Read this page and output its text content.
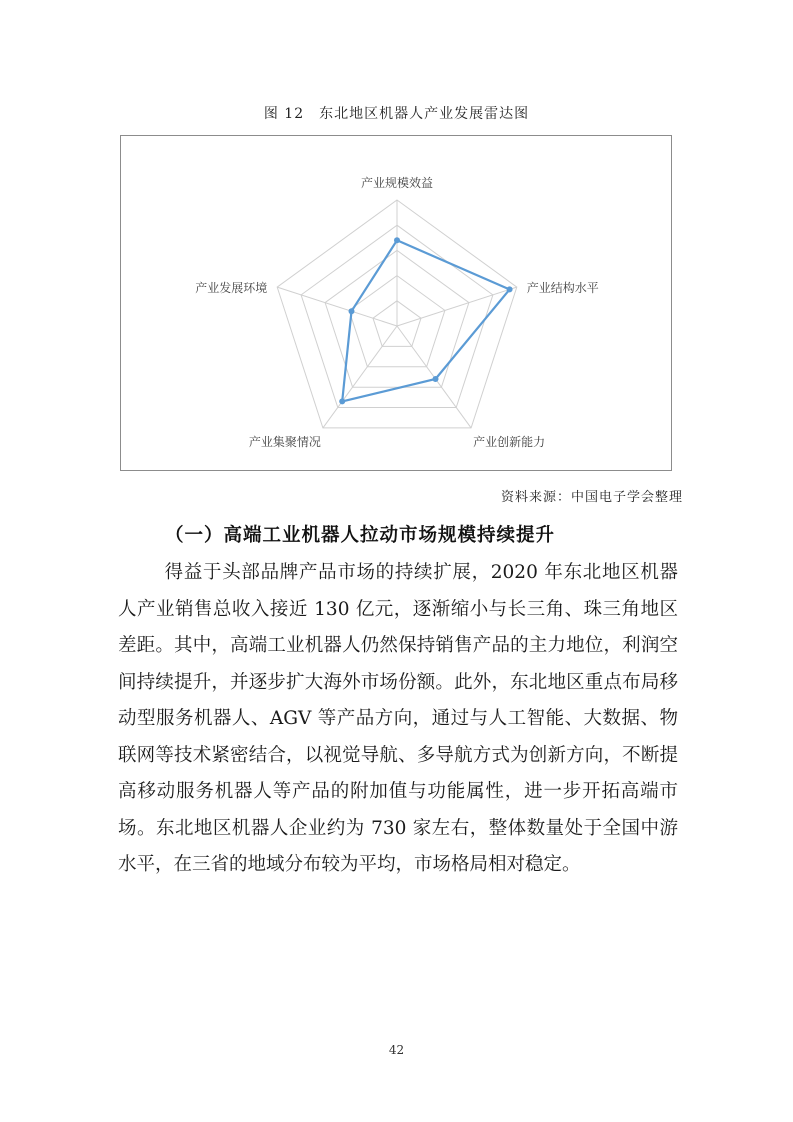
图 12　东北地区机器人产业发展雷达图
产业规模效益
产业结构水平
产业创新能力
产业集聚情况
产业发展环境
资料来源：中国电子学会整理
（一）高端工业机器人拉动市场规模持续提升
得益于头部品牌产品市场的持续扩展，2020 年东北地区机器人产业销售总收入接近 130 亿元，逐渐缩小与长三角、珠三角地区差距。其中，高端工业机器人仍然保持销售产品的主力地位，利润空间持续提升，并逐步扩大海外市场份额。此外，东北地区重点布局移动型服务机器人、AGV 等产品方向，通过与人工智能、大数据、物联网等技术紧密结合，以视觉导航、多导航方式为创新方向，不断提高移动服务机器人等产品的附加值与功能属性，进一步开拓高端市场。东北地区机器人企业约为 730 家左右，整体数量处于全国中游水平，在三省的地域分布较为平均，市场格局相对稳定。
42
